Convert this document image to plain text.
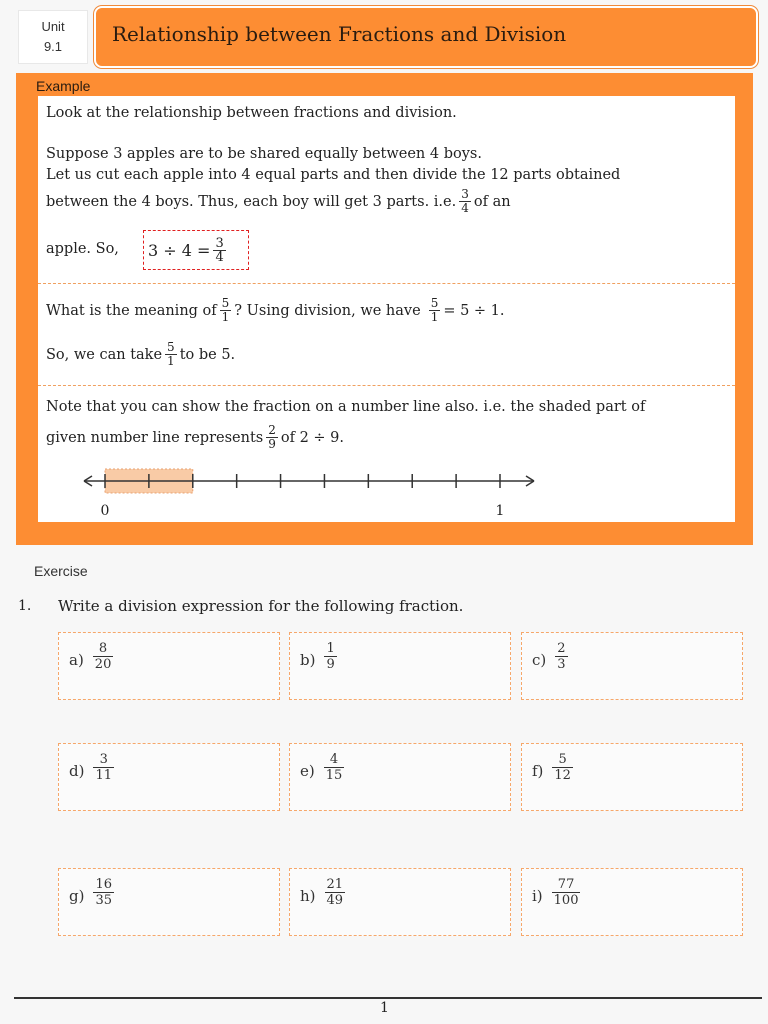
Unit
9.1
Relationship between Fractions and Division
Example
Look at the relationship between fractions and division.
Suppose 3 apples are to be shared equally between 4 boys.
Let us cut each apple into 4 equal parts and then divide the 12 parts obtained
between the 4 boys. Thus, each boy will get 3 parts. i.e. $\frac{3}{4}$ of an
apple. So, $3 \div 4 = \frac{3}{4}$
What is the meaning of $\frac{5}{1}$ ? Using division, we have $\frac{5}{1} = 5 \div 1$.
So, we can take $\frac{5}{1}$ to be 5.
Note that you can show the fraction on a number line also. i.e. the shaded part of
given number line represents $\frac{2}{9}$ of 2 ÷ 9.
0	1
Exercise
1. Write a division expression for the following fraction.
$a) \frac{8}{20}$	$b) \frac{1}{9}$	$c) \frac{2}{3}$
$d) \frac{3}{11}$	$e) \frac{4}{15}$	$f) \frac{5}{12}$
$g) \frac{16}{35}$	$h) \frac{21}{49}$	$i) \frac{77}{100}$
1
